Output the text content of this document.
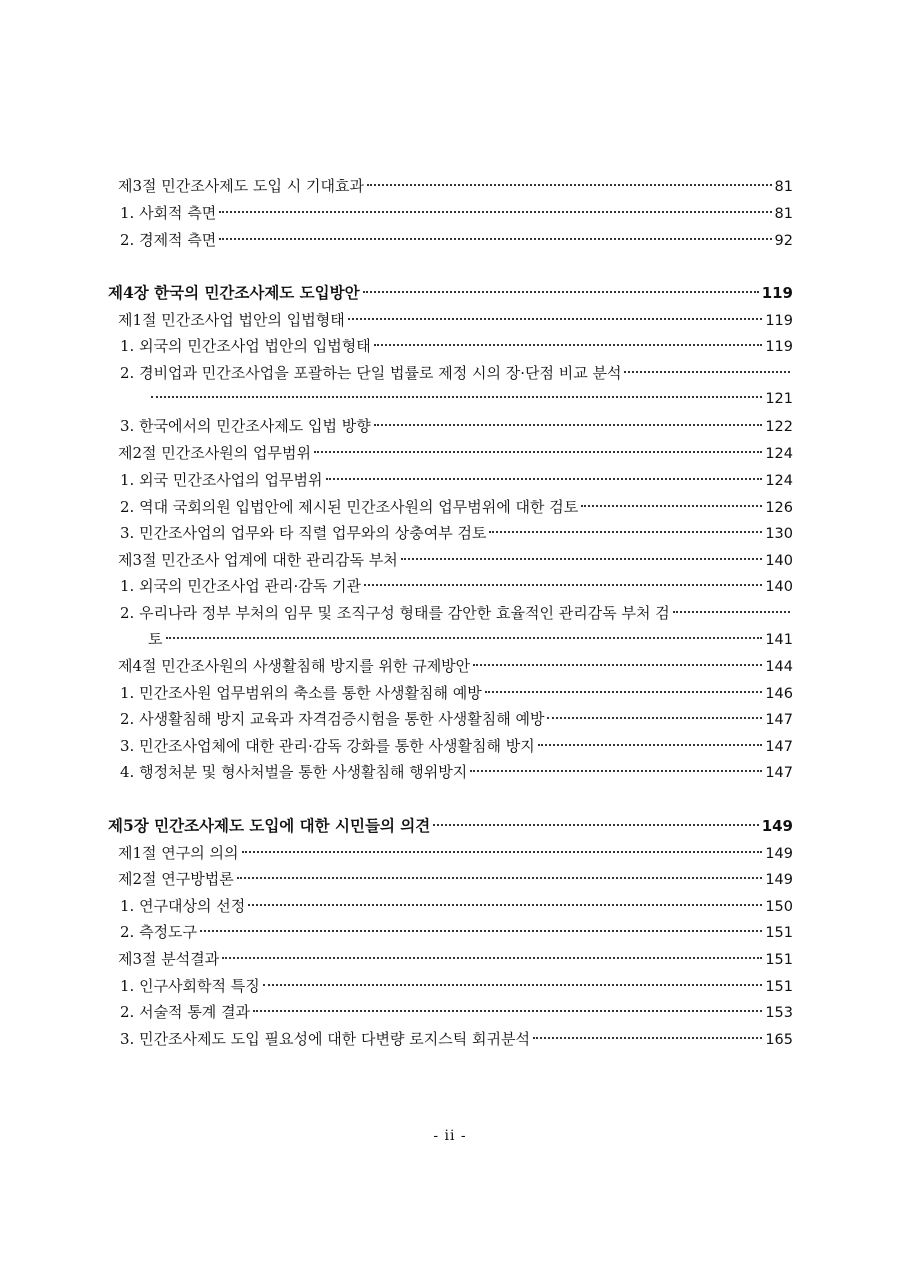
제3절 민간조사제도 도입 시 기대효과	81
1. 사회적 측면	81
2. 경제적 측면	92
제4장 한국의 민간조사제도 도입방안	119
제1절 민간조사업 법안의 입법형태	119
1. 외국의 민간조사업 법안의 입법형태	119
2. 경비업과 민간조사업을 포괄하는 단일 법률로 제정 시의 장·단점 비교 분석
121
3. 한국에서의 민간조사제도 입법 방향	122
제2절 민간조사원의 업무범위	124
1. 외국 민간조사업의 업무범위	124
2. 역대 국회의원 입법안에 제시된 민간조사원의 업무범위에 대한 검토	126
3. 민간조사업의 업무와 타 직렬 업무와의 상충여부 검토	130
제3절 민간조사 업계에 대한 관리감독 부처	140
1. 외국의 민간조사업 관리·감독 기관	140
2. 우리나라 정부 부처의 임무 및 조직구성 형태를 감안한 효율적인 관리감독 부처 검
토	141
제4절 민간조사원의 사생활침해 방지를 위한 규제방안	144
1. 민간조사원 업무범위의 축소를 통한 사생활침해 예방	146
2. 사생활침해 방지 교육과 자격검증시험을 통한 사생활침해 예방	147
3. 민간조사업체에 대한 관리·감독 강화를 통한 사생활침해 방지	147
4. 행정처분 및 형사처벌을 통한 사생활침해 행위방지	147
제5장 민간조사제도 도입에 대한 시민들의 의견	149
제1절 연구의 의의	149
제2절 연구방법론	149
1. 연구대상의 선정	150
2. 측정도구	151
제3절 분석결과	151
1. 인구사회학적 특징	151
2. 서술적 통계 결과	153
3. 민간조사제도 도입 필요성에 대한 다변량 로지스틱 회귀분석	165
- ii -
